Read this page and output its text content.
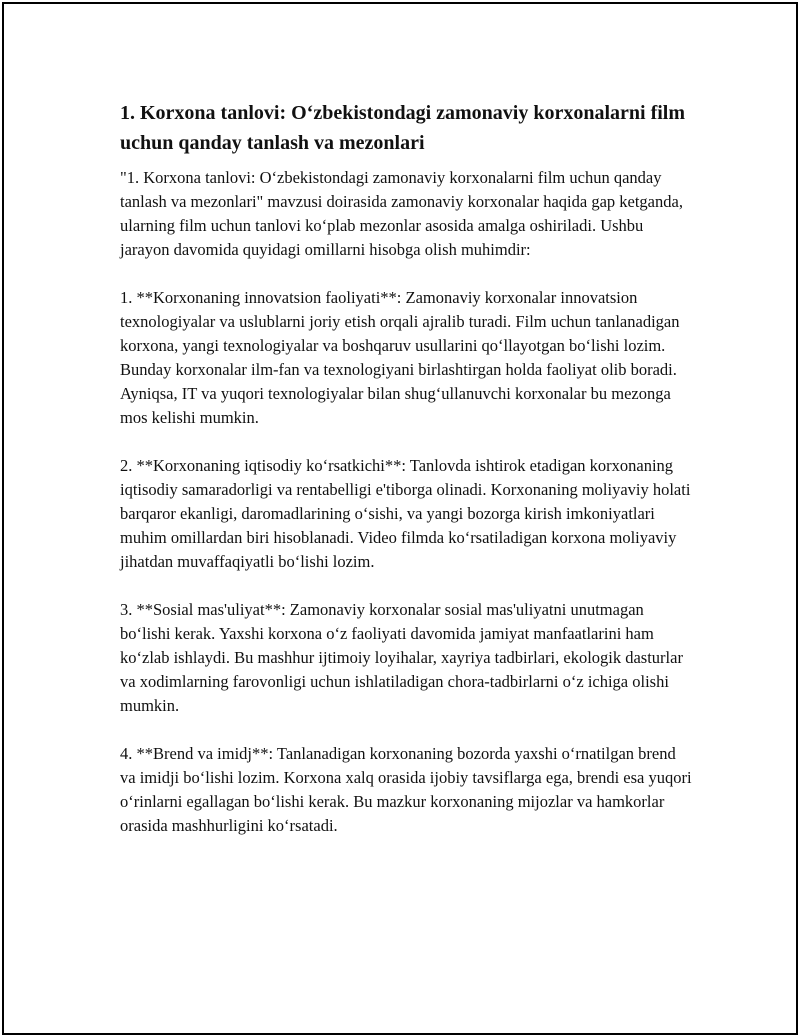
1. Korxona tanlovi: O‘zbekistondagi zamonaviy korxonalarni film uchun qanday tanlash va mezonlari

"1. Korxona tanlovi: O‘zbekistondagi zamonaviy korxonalarni film uchun qanday tanlash va mezonlari" mavzusi doirasida zamonaviy korxonalar haqida gap ketganda, ularning film uchun tanlovi ko‘plab mezonlar asosida amalga oshiriladi. Ushbu jarayon davomida quyidagi omillarni hisobga olish muhimdir:

1. **Korxonaning innovatsion faoliyati**: Zamonaviy korxonalar innovatsion texnologiyalar va uslublarni joriy etish orqali ajralib turadi. Film uchun tanlanadigan korxona, yangi texnologiyalar va boshqaruv usullarini qo‘llayotgan bo‘lishi lozim. Bunday korxonalar ilm-fan va texnologiyani birlashtirgan holda faoliyat olib boradi. Ayniqsa, IT va yuqori texnologiyalar bilan shug‘ullanuvchi korxonalar bu mezonga mos kelishi mumkin.

2. **Korxonaning iqtisodiy ko‘rsatkichi**: Tanlovda ishtirok etadigan korxonaning iqtisodiy samaradorligi va rentabelligi e'tiborga olinadi. Korxonaning moliyaviy holati barqaror ekanligi, daromadlarining o‘sishi, va yangi bozorga kirish imkoniyatlari muhim omillardan biri hisoblanadi. Video filmda ko‘rsatiladigan korxona moliyaviy jihatdan muvaffaqiyatli bo‘lishi lozim.

3. **Sosial mas'uliyat**: Zamonaviy korxonalar sosial mas'uliyatni unutmagan bo‘lishi kerak. Yaxshi korxona o‘z faoliyati davomida jamiyat manfaatlarini ham ko‘zlab ishlaydi. Bu mashhur ijtimoiy loyihalar, xayriya tadbirlari, ekologik dasturlar va xodimlarning farovonligi uchun ishlatiladigan chora-tadbirlarni o‘z ichiga olishi mumkin.

4. **Brend va imidj**: Tanlanadigan korxonaning bozorda yaxshi o‘rnatilgan brend va imidji bo‘lishi lozim. Korxona xalq orasida ijobiy tavsiflarga ega, brendi esa yuqori o‘rinlarni egallagan bo‘lishi kerak. Bu mazkur korxonaning mijozlar va hamkorlar orasida mashhurligini ko‘rsatadi.
